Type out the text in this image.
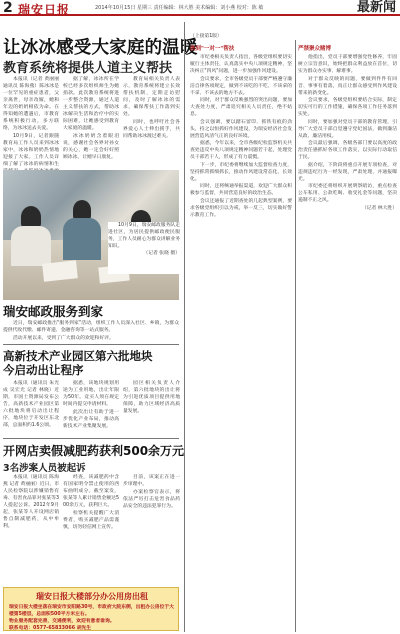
2 瑞安日报	2014年10月15日 星期三 责任编辑：林大胜 美术编辑：刘小燕 校对：陈 敏	最新闻
让冰冰感受大家庭的温暖
教育系统将提供人道主义帮扶

本报讯（记者 黄丽丽 通讯员 陈海燕）陈冰冰是一位罕见的重症患者，父亲离世，母亲改嫁，她和年迈的奶奶相依为命。在得知她的遭遇后，市教育系统积极行动，多方联络，为冰冰送去关爱。

10月9日，记者跟随教育局工作人员来到冰冰家中，冰冰和奶奶热情地迎接了大家。工作人员详细了解了冰冰的病情和生

据了解，冰冰所在学校已经多次组织师生为她捐款。此次教育系统将进一步整合资源，通过人道主义帮扶的方式，帮助冰冰解决生活和治疗中的实际困难，让她感受到教育大家庭的温暖。

冰冰奶奶含着眼泪说，感谢社会各界对孙女的关心，她一定会好好照顾冰冰，让她早日康复。

教育局相关负责人表示，教育系统将建立长效帮扶机制，定期走访慰问，及时了解冰冰的需求，确保帮扶工作落到实处。

同时，也呼吁社会各界爱心人士伸出援手，共同帮助冰冰渡过难关。

10月9日，瑞安邮政服务队走进社区，为居民提供邮政便民服务，工作人员耐心为群众讲解业务知识。

（记者 张晓 摄）

瑞安邮政服务到家

近日，瑞安邮政推出"服务到家"活动，组织工作人员深入社区、乡镇，为群众提供代收代缴、邮件寄递、金融咨询等一站式服务。

活动开展以来，受到了广大群众的欢迎和好评。

高新技术产业园区第六批地块
今启动出让程序

本报讯（通讯员 朱光成 吴宏光 记者 林晓）近期，市国土资源局发布公告，高新技术产业园区第六批地块将启动出让程序，地块位于开发区东北部，总面积约1.6公顷。

据悉，该地块规划用途为工业用地，出让年限为50年。竞买人须在规定时间内提交申请材料。

此次出让有助于进一步优化产业布局，推动高新技术产业集聚发展。

园区相关负责人介绍，第六批地块的出让将为引进优质项目提供用地保障，助力区域经济高质量发展。

开网店卖假减肥药获利500余万元
3名涉案人员被起诉

本报讯（通讯员 陈海燕 记者 黄丽丽）近日，市人民检察院以涉嫌销售有毒、有害食品罪对张某等3人提起公诉。2012年9月起，张某等人开设网店销售自制减肥药，从中牟利。

经查，该减肥药中含有国家明令禁止使用的西布曲明成分。截至案发，张某等人累计销售金额达500余万元，获利巨大。

检察机关提醒广大消费者，购买减肥产品需谨慎，切勿轻信网上宣传。

目前，该案正在进一步审理中。

办案检察官表示，将依法严厉打击危害食品药品安全的违法犯罪行为。

瑞安日报大楼部分办公用房出租
瑞安日报大楼坐落在瑞安市安阳路30号，市政府大院东侧，出租办公房位于大楼第5楼层，总面积500平方米左右。
物业服务配套完善，交通便利，欢迎有意者垂询。
联系电话：0577-65833066 胡先生
（上接第1版）
做到"一对一"帮扶	严禁聚众赌博

市纪委相关负责人指出，各级党组织要切实履行主体责任，认真落实中央八项规定精神，坚决纠正"四风"问题，进一步加强作风建设。

会议要求，全市各级党员干部要严格遵守廉洁自律各项规定，做到不该吃的不吃、不该拿的不拿、不该去的地方不去。

同时，对于群众反映强烈的突出问题，要加大查处力度，严肃追究相关人员责任，绝不姑息。

会议强调，要以踏石留印、抓铁有痕的劲头，持之以恒抓好作风建设，为瑞安经济社会发展营造风清气正的良好环境。

据悉，今年以来，全市各级纪检监察机关共查处违反中央八项规定精神问题若干起，处理党员干部若干人，形成了有力震慑。

下一步，市纪委将继续加大监督检查力度，坚持抓常抓细抓长，推动作风建设常态化、长效化。

同时，还将畅通举报渠道，欢迎广大群众积极参与监督，共同营造良好的政治生态。

会议还通报了近期查处的几起典型案例，要求各级党组织引以为戒，举一反三，切实做好警示教育工作。

他指出，党员干部要增强党性修养，牢固树立宗旨意识，始终把群众利益放在首位，切实为群众办实事、解难事。

对于群众反映的问题，要做到件件有回音、事事有着落，真正让群众感受到作风建设带来的新变化。

会议要求，各级党组织要结合实际，制定切实可行的工作措施，确保各项工作任务落到实处。

同时，要加强对党员干部的教育管理，引导广大党员干部自觉遵守党纪国法，做到廉洁从政、廉洁用权。

会议最后强调，各级各部门要以高度的政治责任感抓好各项工作落实，以实际行动取信于民。

据介绍，下阶段将重点开展专项检查，对违规违纪行为一经发现，严肃处理，并通报曝光。

市纪委还将组织开展明察暗访，重点检查公车私用、公款吃喝、收受礼金等问题，坚决遏制不正之风。

（记者 林大胜）
